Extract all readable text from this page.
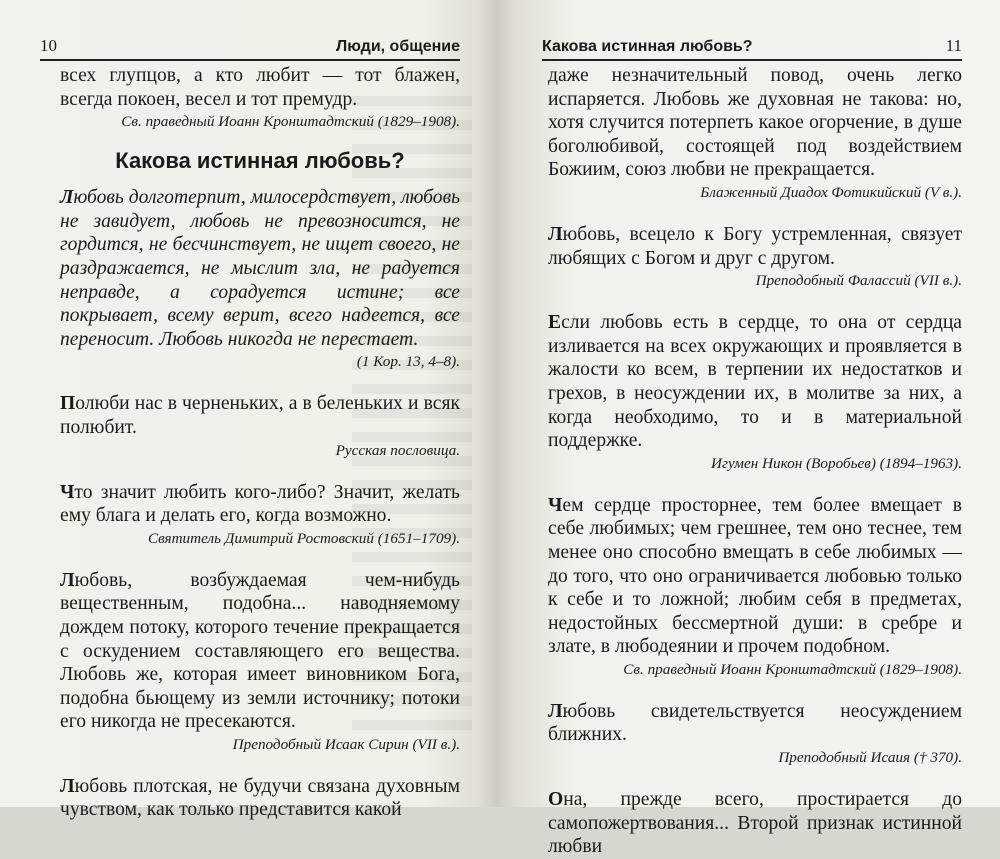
10	Люди, общение

всех глупцов, а кто любит — тот блажен, всегда покоен, весел и тот премудр.

Св. праведный Иоанн Кронштадтский (1829–1908).
Какова истинная любовь?

Любовь долготерпит, милосердствует, любовь не завидует, любовь не превозносится, не гордится, не бесчинствует, не ищет своего, не раздражается, не мыслит зла, не радуется неправде, а сорадуется истине; все покрывает, всему верит, всего надеется, все переносит. Любовь никогда не перестает.

(1 Кор. 13, 4–8).

Полюби нас в черненьких, а в беленьких и всяк полюбит.

Русская пословица.

Что значит любить кого-либо? Значит, желать ему блага и делать его, когда возможно.

Святитель Димитрий Ростовский (1651–1709).

Любовь, возбуждаемая чем-нибудь вещественным, подобна... наводняемому дождем потоку, которого течение прекращается с оскудением составляющего его вещества. Любовь же, которая имеет виновником Бога, подобна бьющему из земли источнику; потоки его никогда не пресекаются.

Преподобный Исаак Сирин (VII в.).

Любовь плотская, не будучи связана духовным чувством, как только представится какой

Какова истинная любовь?	11

даже незначительный повод, очень легко испаряется. Любовь же духовная не такова: но, хотя случится потерпеть какое огорчение, в душе боголюбивой, состоящей под воздействием Божиим, союз любви не прекращается.

Блаженный Диадох Фотикийский (V в.).

Любовь, всецело к Богу устремленная, связует любящих с Богом и друг с другом.

Преподобный Фалассий (VII в.).

Если любовь есть в сердце, то она от сердца изливается на всех окружающих и проявляется в жалости ко всем, в терпении их недостатков и грехов, в неосуждении их, в молитве за них, а когда необходимо, то и в материальной поддержке.

Игумен Никон (Воробьев) (1894–1963).

Чем сердце просторнее, тем более вмещает в себе любимых; чем грешнее, тем оно теснее, тем менее оно способно вмещать в себе любимых — до того, что оно ограничивается любовью только к себе и то ложной; любим себя в предметах, недостойных бессмертной души: в сребре и злате, в любодеянии и прочем подобном.

Св. праведный Иоанн Кронштадтский (1829–1908).

Любовь свидетельствуется неосуждением ближних.

Преподобный Исаия († 370).

Она, прежде всего, простирается до самопожертвования... Второй признак истинной любви
